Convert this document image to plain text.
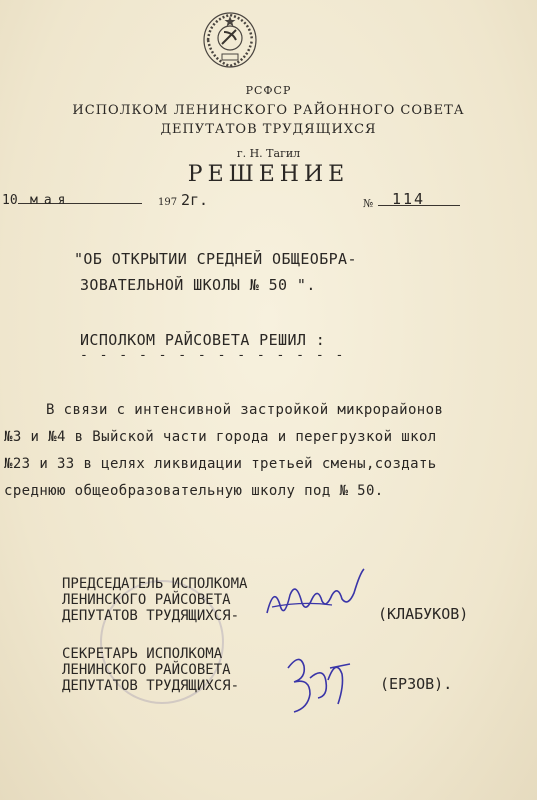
РСФСР
ИСПОЛКОМ ЛЕНИНСКОГО РАЙОННОГО СОВЕТА
ДЕПУТАТОВ ТРУДЯЩИХСЯ
г. Н. Тагил
РЕШЕНИЕ
10 мая	197 2г.	№ 114
"ОБ ОТКРЫТИИ СРЕДНЕЙ ОБЩЕОБРА-
ЗОВАТЕЛЬНОЙ ШКОЛЫ № 50 ".
ИСПОЛКОМ РАЙСОВЕТА РЕШИЛ :
- - - - - - - - - - - - - -
В связи с интенсивной застройкой микрорайонов
№3 и №4 в Выйской части города и перегрузкой школ
№23 и 33 в целях ликвидации третьей смены,создать
среднюю общеобразовательную школу под № 50.
ПРЕДСЕДАТЕЛЬ ИСПОЛКОМА
ЛЕНИНСКОГО РАЙСОВЕТА
ДЕПУТАТОВ ТРУДЯЩИХСЯ-	(КЛАБУКОВ)
СЕКРЕТАРЬ ИСПОЛКОМА
ЛЕНИНСКОГО РАЙСОВЕТА
ДЕПУТАТОВ ТРУДЯЩИХСЯ-	(ЕРЗОВ).
